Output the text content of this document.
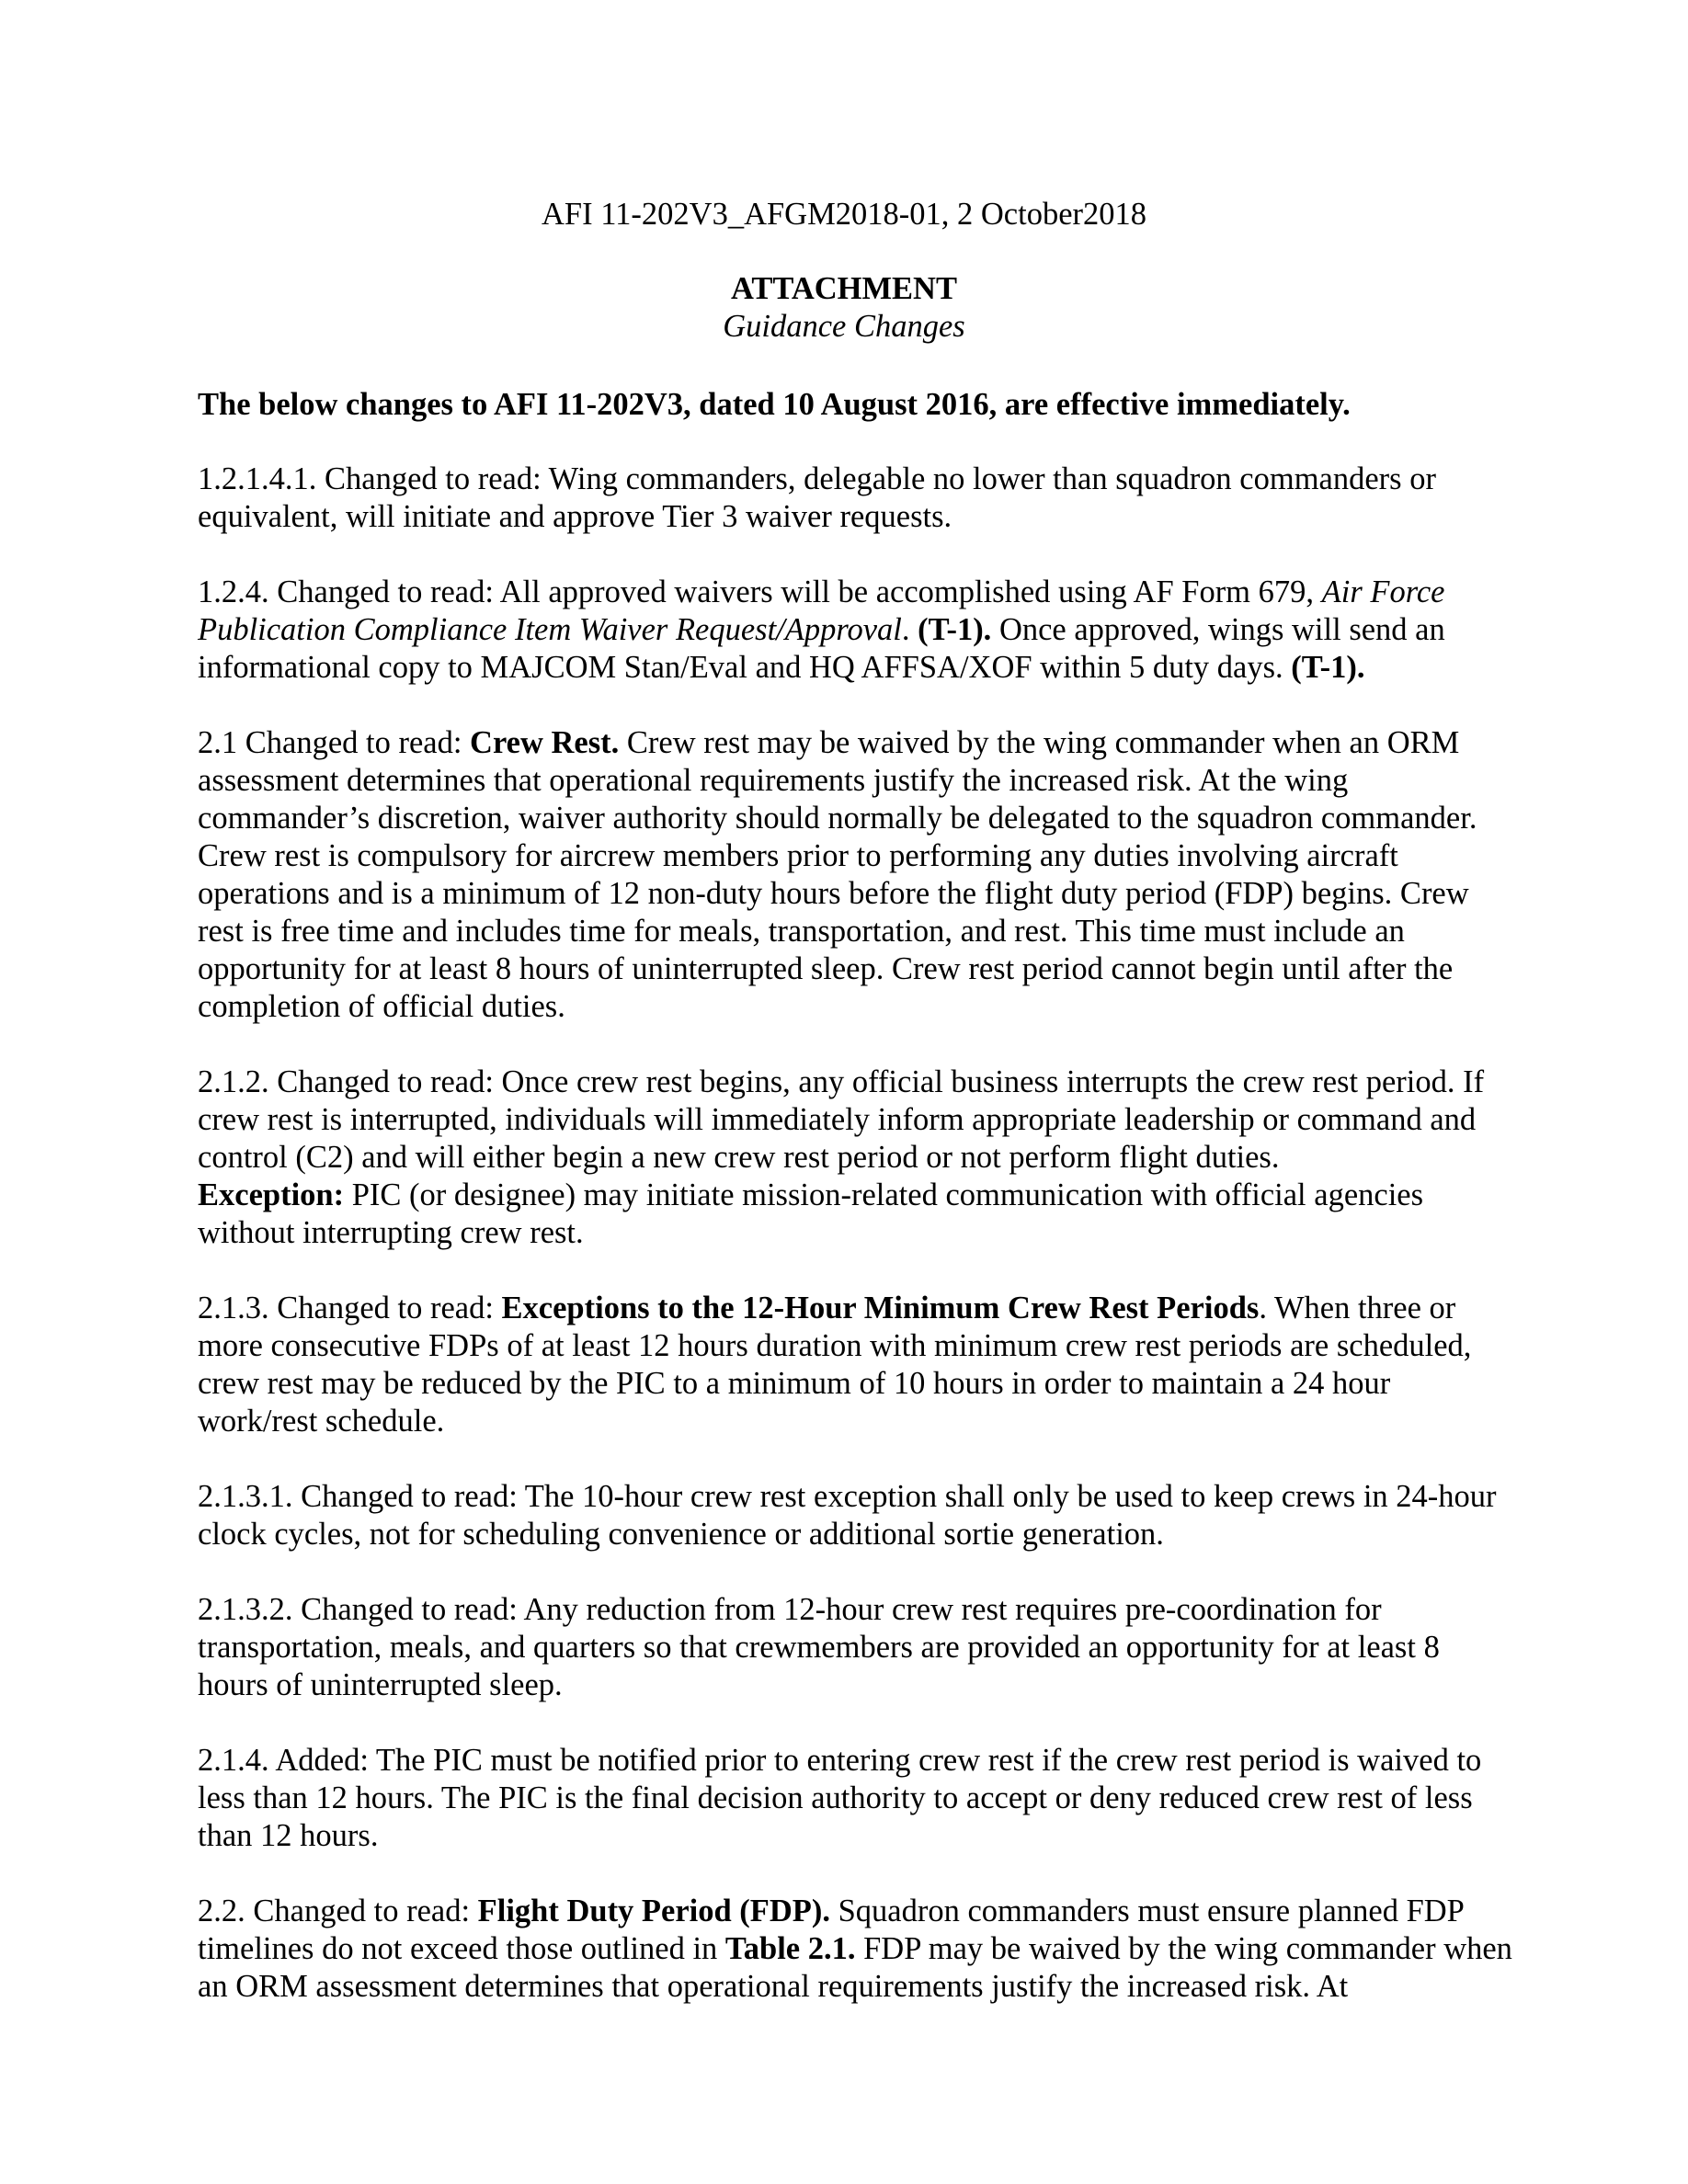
AFI 11-202V3_AFGM2018-01, 2 October2018
ATTACHMENT
Guidance Changes

The below changes to AFI 11-202V3, dated 10 August 2016, are effective immediately.

1.2.1.4.1. Changed to read: Wing commanders, delegable no lower than squadron commanders or equivalent, will initiate and approve Tier 3 waiver requests.

1.2.4. Changed to read: All approved waivers will be accomplished using AF Form 679, Air Force Publication Compliance Item Waiver Request/Approval. (T-1). Once approved, wings will send an informational copy to MAJCOM Stan/Eval and HQ AFFSA/XOF within 5 duty days. (T-1).

2.1 Changed to read: Crew Rest. Crew rest may be waived by the wing commander when an ORM assessment determines that operational requirements justify the increased risk. At the wing commander’s discretion, waiver authority should normally be delegated to the squadron commander. Crew rest is compulsory for aircrew members prior to performing any duties involving aircraft operations and is a minimum of 12 non-duty hours before the flight duty period (FDP) begins. Crew rest is free time and includes time for meals, transportation, and rest. This time must include an opportunity for at least 8 hours of uninterrupted sleep. Crew rest period cannot begin until after the completion of official duties.

2.1.2. Changed to read: Once crew rest begins, any official business interrupts the crew rest period. If crew rest is interrupted, individuals will immediately inform appropriate leadership or command and control (C2) and will either begin a new crew rest period or not perform flight duties.
Exception: PIC (or designee) may initiate mission-related communication with official agencies without interrupting crew rest.

2.1.3. Changed to read: Exceptions to the 12-Hour Minimum Crew Rest Periods. When three or more consecutive FDPs of at least 12 hours duration with minimum crew rest periods are scheduled, crew rest may be reduced by the PIC to a minimum of 10 hours in order to maintain a 24 hour work/rest schedule.

2.1.3.1. Changed to read: The 10-hour crew rest exception shall only be used to keep crews in 24-hour clock cycles, not for scheduling convenience or additional sortie generation.

2.1.3.2. Changed to read: Any reduction from 12-hour crew rest requires pre-coordination for transportation, meals, and quarters so that crewmembers are provided an opportunity for at least 8 hours of uninterrupted sleep.

2.1.4. Added: The PIC must be notified prior to entering crew rest if the crew rest period is waived to less than 12 hours. The PIC is the final decision authority to accept or deny reduced crew rest of less than 12 hours.

2.2. Changed to read: Flight Duty Period (FDP). Squadron commanders must ensure planned FDP timelines do not exceed those outlined in Table 2.1. FDP may be waived by the wing commander when an ORM assessment determines that operational requirements justify the increased risk. At
